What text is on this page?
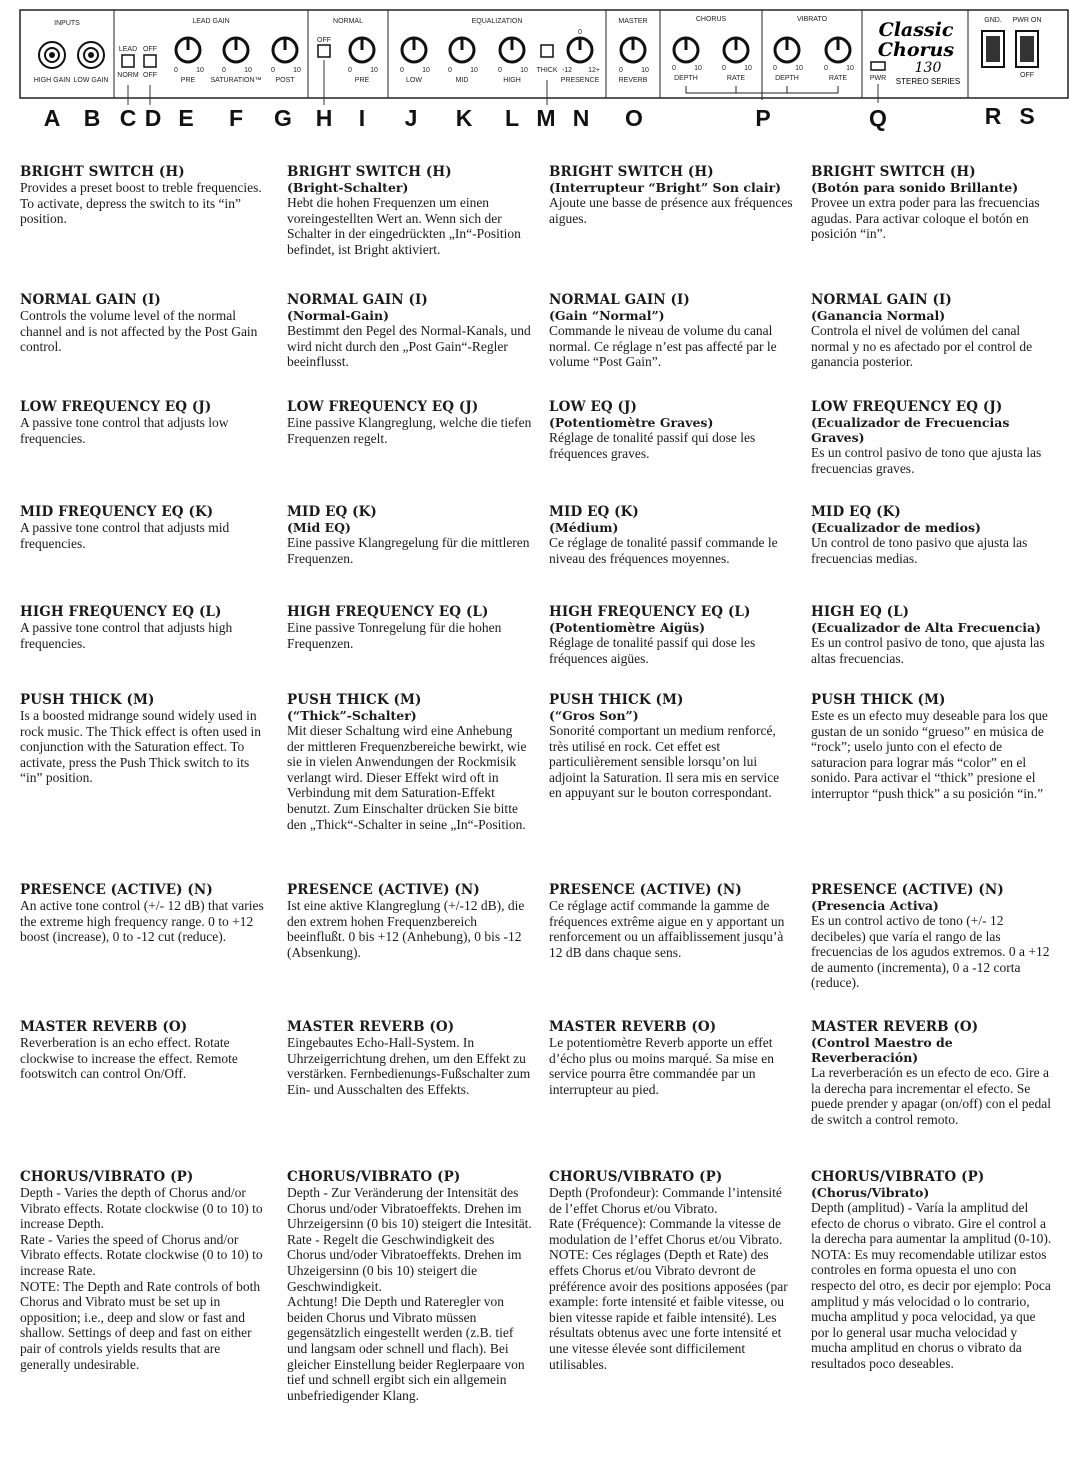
INPUTS	LEAD GAIN	NORMAL	EQUALIZATION	MASTER	CHORUS	VIBRATO
HIGH GAIN LOW GAIN
LEAD OFF
NORM OFF
OFF
THICK
0	10	0	10	0	10	0	10	0	10	0	10	0	10	-12
0
12+	0	10	0	10	0	10	0	10	0	10
PRE SATURATION™ POST	PRE	LOW	MID	HIGH	PRESENCE	REVERB	DEPTH	RATE	DEPTH	RATE
Classic
Chorus
130
STEREO SERIES
PWR
GND. PWR ON
OFF
A B C D E F G H I J K L M N O	P	Q	R S
BRIGHT SWITCH (H)
Provides a preset boost to treble frequencies. To activate, depress the switch to its “in” position.
BRIGHT SWITCH (H)
(Bright-Schalter)
Hebt die hohen Frequenzen um einen voreingestellten Wert an. Wenn sich der Schalter in der eingedrückten „In“-Position befindet, ist Bright aktiviert.
BRIGHT SWITCH (H)
(Interrupteur “Bright” Son clair)
Ajoute une basse de présence aux fréquences aigues.
BRIGHT SWITCH (H)
(Botón para sonido Brillante)
Provee un extra poder para las frecuencias agudas. Para activar coloque el botón en posición “in”.
NORMAL GAIN (I)
Controls the volume level of the normal channel and is not affected by the Post Gain control.
NORMAL GAIN (I)
(Normal-Gain)
Bestimmt den Pegel des Normal-Kanals, und wird nicht durch den „Post Gain“-Regler beeinflusst.
NORMAL GAIN (I)
(Gain “Normal”)
Commande le niveau de volume du canal normal. Ce réglage n’est pas affecté par le volume “Post Gain”.
NORMAL GAIN (I)
(Ganancia Normal)
Controla el nivel de volúmen del canal normal y no es afectado por el control de ganancia posterior.
LOW FREQUENCY EQ (J)
A passive tone control that adjusts low frequencies.
LOW FREQUENCY EQ (J)
Eine passive Klangreglung, welche die tiefen Frequenzen regelt.
LOW EQ (J)
(Potentiomètre Graves)
Réglage de tonalité passif qui dose les fréquences graves.
LOW FREQUENCY EQ (J)
(Ecualizador de Frecuencias Graves)
Es un control pasivo de tono que ajusta las frecuencias graves.
MID FREQUENCY EQ (K)
A passive tone control that adjusts mid frequencies.
MID EQ (K)
(Mid EQ)
Eine passive Klangregelung für die mittleren Frequenzen.
MID EQ (K)
(Médium)
Ce réglage de tonalité passif commande le niveau des fréquences moyennes.
MID EQ (K)
(Ecualizador de medios)
Un control de tono pasivo que ajusta las frecuencias medias.
HIGH FREQUENCY EQ (L)
A passive tone control that adjusts high frequencies.
HIGH FREQUENCY EQ (L)
Eine passive Tonregelung für die hohen Frequenzen.
HIGH FREQUENCY EQ (L)
(Potentiomètre Aigüs)
Réglage de tonalité passif qui dose les fréquences aigües.
HIGH EQ (L)
(Ecualizador de Alta Frecuencia)
Es un control pasivo de tono, que ajusta las altas frecuencias.
PUSH THICK (M)
Is a boosted midrange sound widely used in rock music. The Thick effect is often used in conjunction with the Saturation effect. To activate, press the Push Thick switch to its “in” position.
PUSH THICK (M)
(“Thick”-Schalter)
Mit dieser Schaltung wird eine Anhebung der mittleren Frequenzbereiche bewirkt, wie sie in vielen Anwendungen der Rockmisik verlangt wird. Dieser Effekt wird oft in Verbindung mit dem Saturation-Effekt benutzt. Zum Einschalter drücken Sie bitte den „Thick“-Schalter in seine „In“-Position.
PUSH THICK (M)
(“Gros Son”)
Sonorité comportant un medium renforcé, très utilisé en rock. Cet effet est particulièrement sensible lorsqu’on lui adjoint la Saturation. Il sera mis en service en appuyant sur le bouton correspondant.
PUSH THICK (M)
Este es un efecto muy deseable para los que gustan de un sonido “grueso” en música de “rock”; uselo junto con el efecto de saturacion para lograr más “color” en el sonido. Para activar el “thick” presione el interruptor “push thick” a su posición “in.”
PRESENCE (ACTIVE) (N)
An active tone control (+/- 12 dB) that varies the extreme high frequency range. 0 to +12 boost (increase), 0 to -12 cut (reduce).
PRESENCE (ACTIVE) (N)
Ist eine aktive Klangreglung (+/-12 dB), die den extrem hohen Frequenzbereich beeinflußt. 0 bis +12 (Anhebung), 0 bis -12 (Absenkung).
PRESENCE (ACTIVE) (N)
Ce réglage actif commande la gamme de fréquences extrême aigue en y apportant un renforcement ou un affaiblissement jusqu’à 12 dB dans chaque sens.
PRESENCE (ACTIVE) (N)
(Presencia Activa)
Es un control activo de tono (+/- 12 decibeles) que varía el rango de las frecuencias de los agudos extremos. 0 a +12 de aumento (incrementa), 0 a -12 corta (reduce).
MASTER REVERB (O)
Reverberation is an echo effect. Rotate clockwise to increase the effect. Remote footswitch can control On/Off.
MASTER REVERB (O)
Eingebautes Echo-Hall-System. In Uhrzeigerrichtung drehen, um den Effekt zu verstärken. Fernbedienungs-Fußschalter zum Ein- und Ausschalten des Effekts.
MASTER REVERB (O)
Le potentiomètre Reverb apporte un effet d’écho plus ou moins marqué. Sa mise en service pourra être commandée par un interrupteur au pied.
MASTER REVERB (O)
(Control Maestro de Reverberación)
La reverberación es un efecto de eco. Gire a la derecha para incrementar el efecto. Se puede prender y apagar (on/off) con el pedal de switch a control remoto.
CHORUS/VIBRATO (P)
Depth - Varies the depth of Chorus and/or Vibrato effects. Rotate clockwise (0 to 10) to increase Depth.
Rate - Varies the speed of Chorus and/or Vibrato effects. Rotate clockwise (0 to 10) to increase Rate.
NOTE: The Depth and Rate controls of both Chorus and Vibrato must be set up in opposition; i.e., deep and slow or fast and shallow. Settings of deep and fast on either pair of controls yields results that are generally undesirable.
CHORUS/VIBRATO (P)
Depth - Zur Veränderung der Intensität des Chorus und/oder Vibratoeffekts. Drehen im Uhrzeigersinn (0 bis 10) steigert die Intesität.
Rate - Regelt die Geschwindigkeit des Chorus und/oder Vibratoeffekts. Drehen im Uhzeigersinn (0 bis 10) steigert die Geschwindigkeit.
Achtung! Die Depth und Rateregler von beiden Chorus und Vibrato müssen gegensätzlich eingestellt werden (z.B. tief und langsam oder schnell und flach). Bei gleicher Einstellung beider Reglerpaare von tief und schnell ergibt sich ein allgemein unbefriedigender Klang.
CHORUS/VIBRATO (P)
Depth (Profondeur): Commande l’intensité de l’effet Chorus et/ou Vibrato.
Rate (Fréquence): Commande la vitesse de modulation de l’effet Chorus et/ou Vibrato.
NOTE: Ces réglages (Depth et Rate) des effets Chorus et/ou Vibrato devront de préférence avoir des positions apposées (par example: forte intensité et faible vitesse, ou bien vitesse rapide et faible intensité). Les résultats obtenus avec une forte intensité et une vitesse élevée sont difficilement utilisables.
CHORUS/VIBRATO (P)
(Chorus/Vibrato)
Depth (amplitud) - Varía la amplitud del efecto de chorus o vibrato. Gire el control a la derecha para aumentar la amplitud (0-10).
NOTA: Es muy recomendable utilizar estos controles en forma opuesta el uno con respecto del otro, es decir por ejemplo: Poca amplitud y más velocidad o lo contrario, mucha amplitud y poca velocidad, ya que por lo general usar mucha velocidad y mucha amplitud en chorus o vibrato da resultados poco deseables.
